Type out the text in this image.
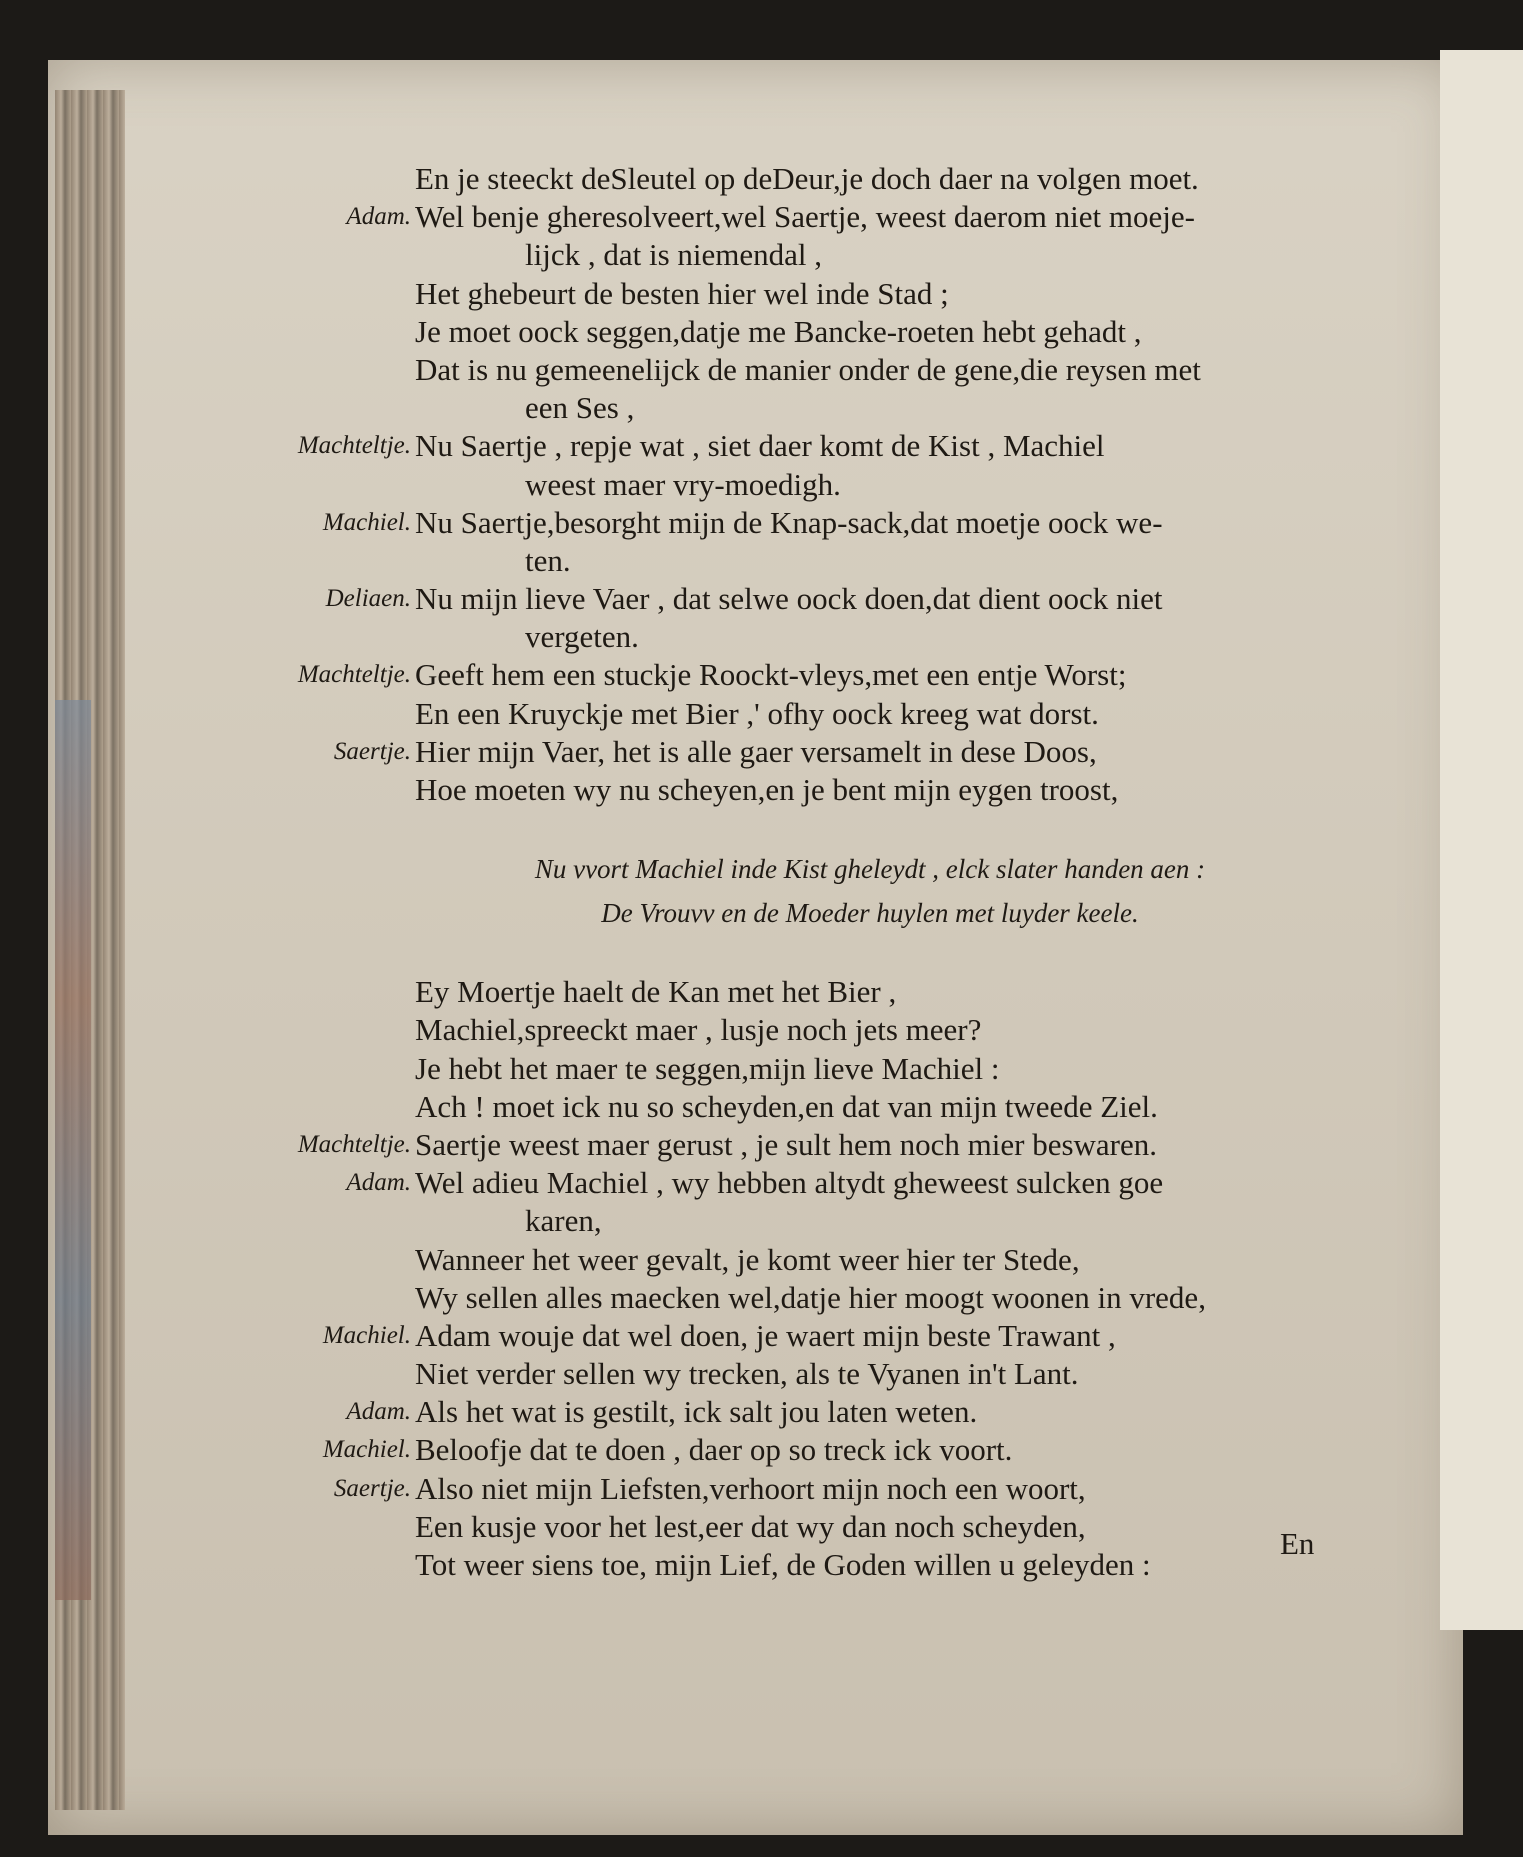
En je steeckt deSleutel op deDeur,je doch daer na volgen moet.
Adam. Wel benje gheresolveert,wel Saertje, weest daerom niet moeje-
lijck , dat is niemendal ,
Het ghebeurt de besten hier wel inde Stad ;
Je moet oock seggen,datje me Bancke-roeten hebt gehadt ,
Dat is nu gemeenelijck de manier onder de gene,die reysen met
een Ses ,
Machteltje. Nu Saertje , repje wat , siet daer komt de Kist , Machiel
weest maer vry-moedigh.
Machiel. Nu Saertje,besorght mijn de Knap-sack,dat moetje oock we-
ten.
Deliaen. Nu mijn lieve Vaer , dat selwe oock doen,dat dient oock niet
vergeten.
Machteltje. Geeft hem een stuckje Roockt-vleys,met een entje Worst;
En een Kruyckje met Bier ,' ofhy oock kreeg wat dorst.
Saertje. Hier mijn Vaer, het is alle gaer versamelt in dese Doos,
Hoe moeten wy nu scheyen,en je bent mijn eygen troost,
Nu vvort Machiel inde Kist gheleydt , elck slater handen aen :
De Vrouvv en de Moeder huylen met luyder keele.
Ey Moertje haelt de Kan met het Bier ,
Machiel,spreeckt maer , lusje noch jets meer?
Je hebt het maer te seggen,mijn lieve Machiel :
Ach ! moet ick nu so scheyden,en dat van mijn tweede Ziel.
Machteltje. Saertje weest maer gerust , je sult hem noch mier beswaren.
Adam. Wel adieu Machiel , wy hebben altydt gheweest sulcken goe
karen,
Wanneer het weer gevalt, je komt weer hier ter Stede,
Wy sellen alles maecken wel,datje hier moogt woonen in vrede,
Machiel. Adam wouje dat wel doen, je waert mijn beste Trawant ,
Niet verder sellen wy trecken, als te Vyanen in't Lant.
Adam. Als het wat is gestilt, ick salt jou laten weten.
Machiel. Beloofje dat te doen , daer op so treck ick voort.
Saertje. Also niet mijn Liefsten,verhoort mijn noch een woort,
Een kusje voor het lest,eer dat wy dan noch scheyden,
Tot weer siens toe, mijn Lief, de Goden willen u geleyden :
En
